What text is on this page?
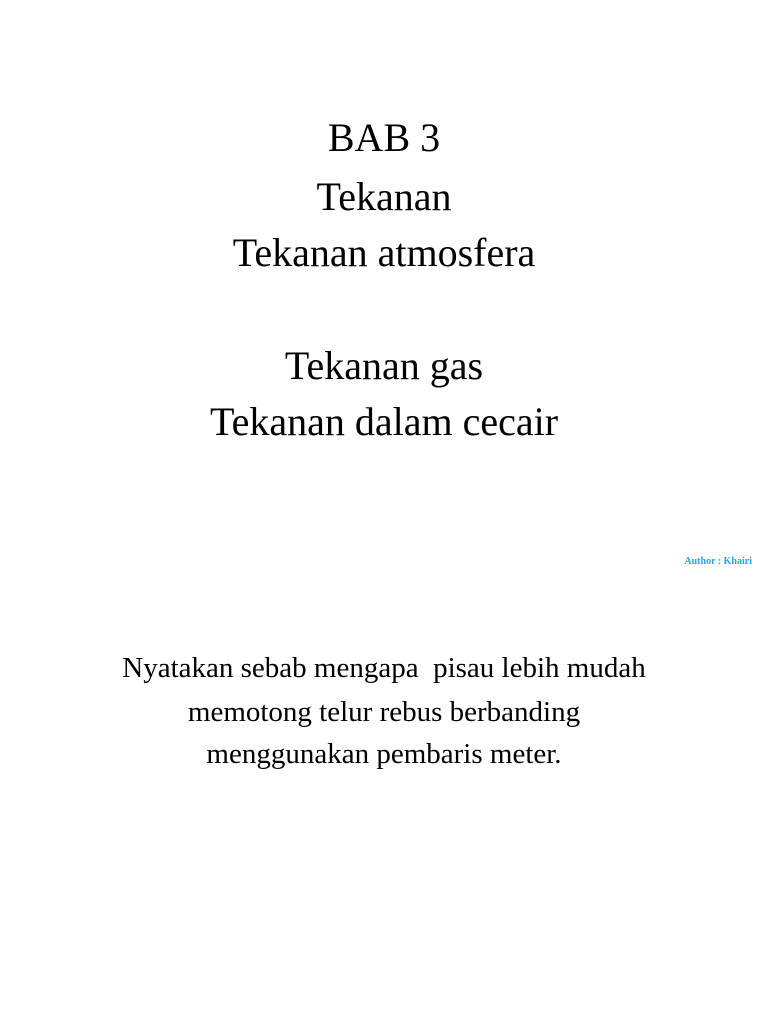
BAB 3
Tekanan
Tekanan atmosfera
Tekanan gas
Tekanan dalam cecair
Author : Khairi
Nyatakan sebab mengapa  pisau lebih mudah
memotong telur rebus berbanding
menggunakan pembaris meter.
